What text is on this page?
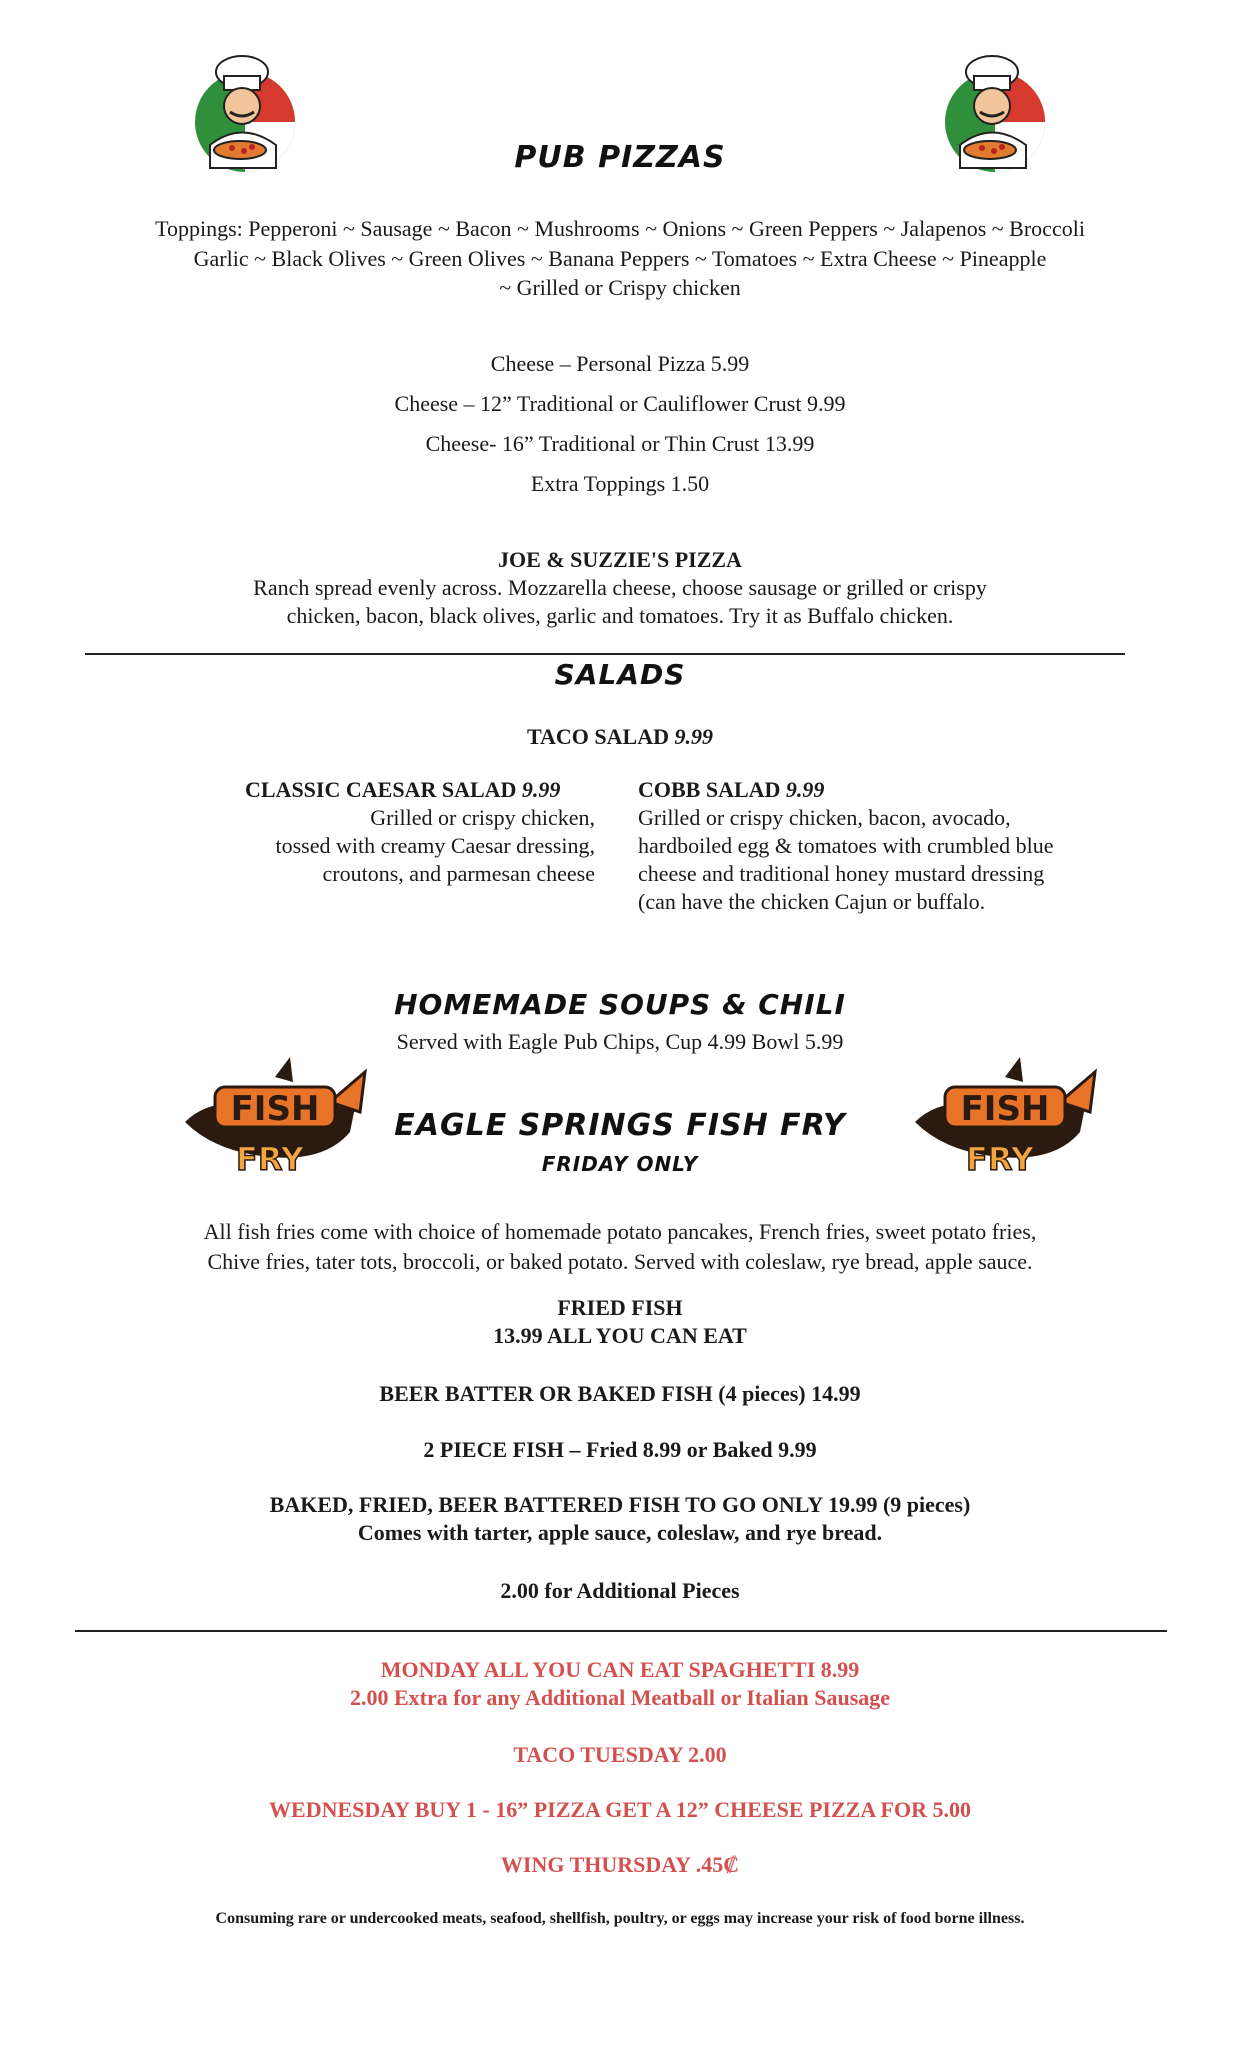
PUB PIZZAS
Toppings: Pepperoni ~ Sausage ~ Bacon ~ Mushrooms ~ Onions ~ Green Peppers ~ Jalapenos ~ Broccoli
Garlic ~ Black Olives ~ Green Olives ~ Banana Peppers ~ Tomatoes ~ Extra Cheese ~ Pineapple
~ Grilled or Crispy chicken
Cheese – Personal Pizza 5.99
Cheese – 12” Traditional or Cauliflower Crust 9.99
Cheese- 16” Traditional or Thin Crust 13.99
Extra Toppings 1.50
JOE & SUZZIE'S PIZZA
Ranch spread evenly across. Mozzarella cheese, choose sausage or grilled or crispy
chicken, bacon, black olives, garlic and tomatoes. Try it as Buffalo chicken.
SALADS
TACO SALAD 9.99
CLASSIC CAESAR SALAD 9.99
Grilled or crispy chicken,
tossed with creamy Caesar dressing,
croutons, and parmesan cheese
COBB SALAD 9.99
Grilled or crispy chicken, bacon, avocado,
hardboiled egg & tomatoes with crumbled blue
cheese and traditional honey mustard dressing
(can have the chicken Cajun or buffalo.
HOMEMADE SOUPS & CHILI
Served with Eagle Pub Chips, Cup 4.99 Bowl 5.99
FISH
FRY
FISH
FRY
EAGLE SPRINGS FISH FRY
FRIDAY ONLY
All fish fries come with choice of homemade potato pancakes, French fries, sweet potato fries,
Chive fries, tater tots, broccoli, or baked potato. Served with coleslaw, rye bread, apple sauce.
FRIED FISH
13.99 ALL YOU CAN EAT
BEER BATTER OR BAKED FISH (4 pieces) 14.99
2 PIECE FISH – Fried 8.99 or Baked 9.99
BAKED, FRIED, BEER BATTERED FISH TO GO ONLY 19.99 (9 pieces)
Comes with tarter, apple sauce, coleslaw, and rye bread.
2.00 for Additional Pieces
MONDAY ALL YOU CAN EAT SPAGHETTI 8.99
2.00 Extra for any Additional Meatball or Italian Sausage
TACO TUESDAY 2.00
WEDNESDAY BUY 1 - 16” PIZZA GET A 12” CHEESE PIZZA FOR 5.00
WING THURSDAY .45₡
Consuming rare or undercooked meats, seafood, shellfish, poultry, or eggs may increase your risk of food borne illness.
